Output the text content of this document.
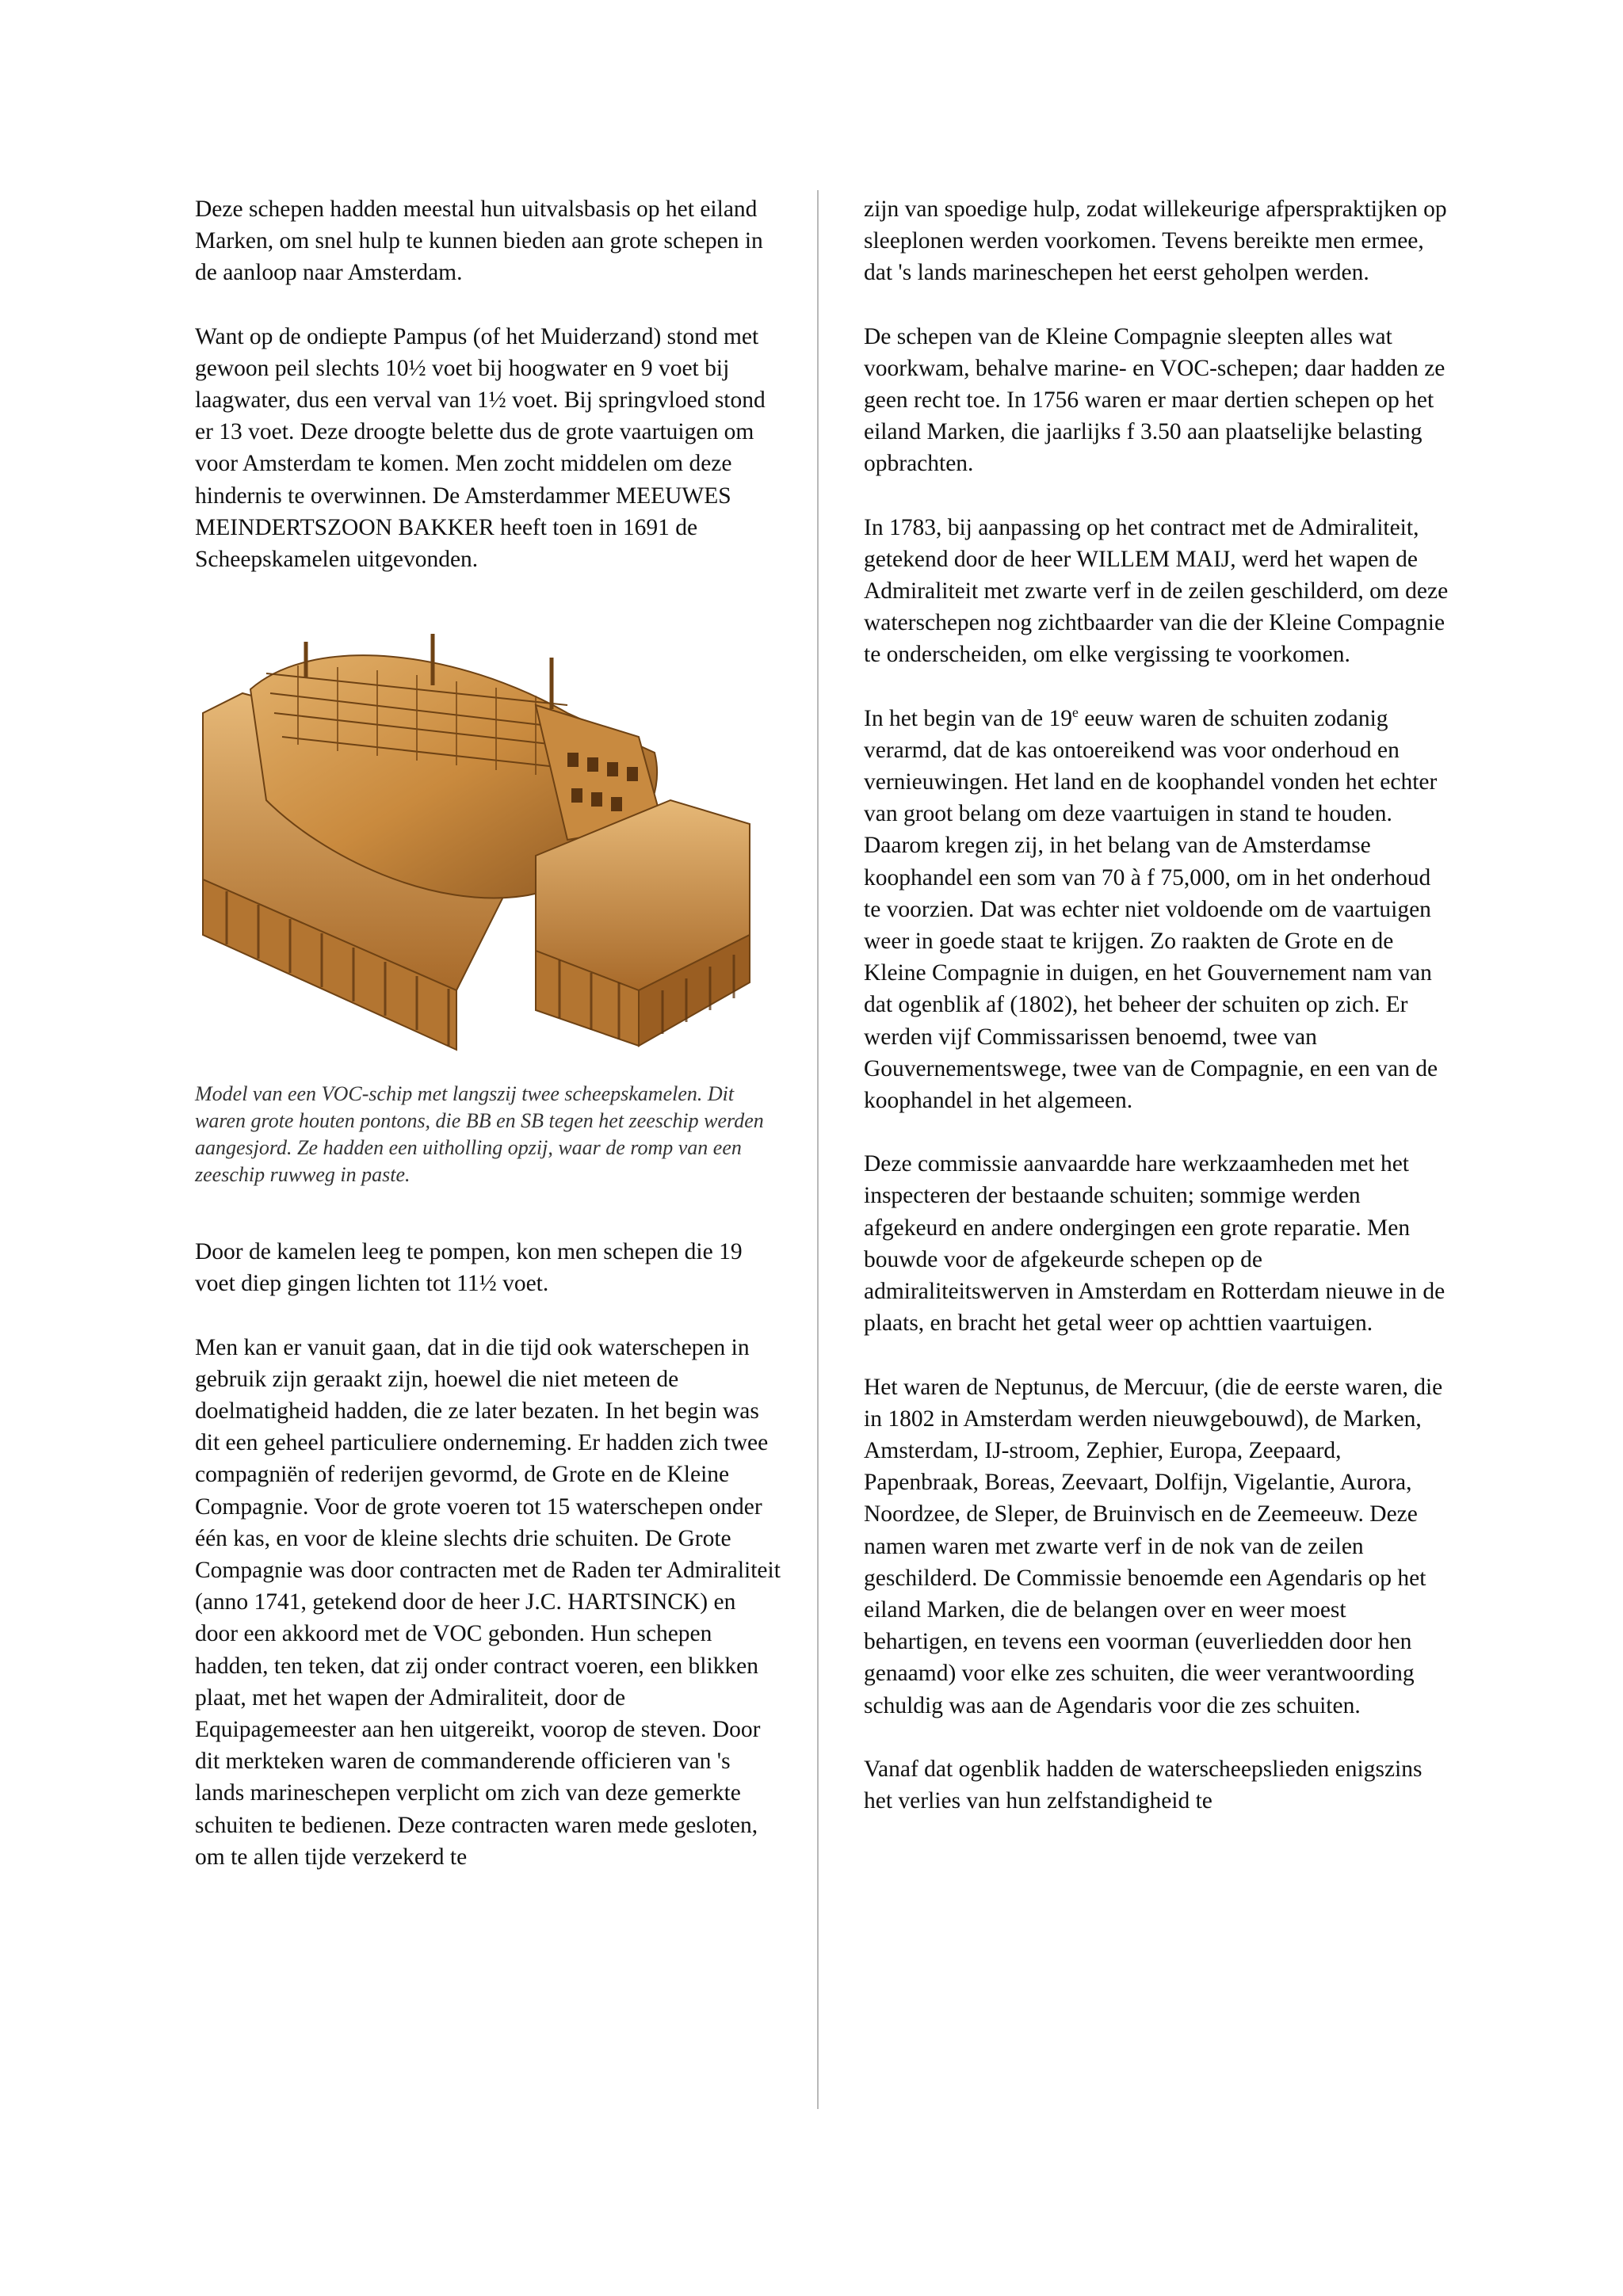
Deze schepen hadden meestal hun uitvalsbasis op het eiland Marken, om snel hulp te kunnen bieden aan grote schepen in de aanloop naar Amsterdam.

Want op de ondiepte Pampus (of het Muiderzand) stond met gewoon peil slechts 10½ voet bij hoogwater en 9 voet bij laagwater, dus een verval van 1½ voet. Bij springvloed stond er 13 voet. Deze droogte belette dus de grote vaartuigen om voor Amsterdam te komen. Men zocht middelen om deze hindernis te overwinnen. De Amsterdammer MEEUWES MEINDERTSZOON BAKKER heeft toen in 1691 de Scheepskamelen uitgevonden.

Model van een VOC-schip met langszij twee scheepskamelen. Dit waren grote houten pontons, die BB en SB tegen het zeeschip werden aangesjord. Ze hadden een uitholling opzij, waar de romp van een zeeschip ruwweg in paste.

Door de kamelen leeg te pompen, kon men schepen die 19 voet diep gingen lichten tot 11½ voet.

Men kan er vanuit gaan, dat in die tijd ook waterschepen in gebruik zijn geraakt zijn, hoewel die niet meteen de doelmatigheid hadden, die ze later bezaten. In het begin was dit een geheel particuliere onderneming. Er hadden zich twee compagniën of rederijen gevormd, de Grote en de Kleine Compagnie. Voor de grote voeren tot 15 waterschepen onder één kas, en voor de kleine slechts drie schuiten. De Grote Compagnie was door contracten met de Raden ter Admiraliteit (anno 1741, getekend door de heer J.C. HARTSINCK) en door een akkoord met de VOC gebonden. Hun schepen hadden, ten teken, dat zij onder contract voeren, een blikken plaat, met het wapen der Admiraliteit, door de Equipagemeester aan hen uitgereikt, voorop de steven. Door dit merkteken waren de commanderende officieren van 's lands marineschepen verplicht om zich van deze gemerkte schuiten te bedienen. Deze contracten waren mede gesloten, om te allen tijde verzekerd te

zijn van spoedige hulp, zodat willekeurige afperspraktijken op sleeplonen werden voorkomen. Tevens bereikte men ermee, dat 's lands marineschepen het eerst geholpen werden.

De schepen van de Kleine Compagnie sleepten alles wat voorkwam, behalve marine- en VOC-schepen; daar hadden ze geen recht toe. In 1756 waren er maar dertien schepen op het eiland Marken, die jaarlijks f 3.50 aan plaatselijke belasting opbrachten.

In 1783, bij aanpassing op het contract met de Admiraliteit, getekend door de heer WILLEM MAIJ, werd het wapen de Admiraliteit met zwarte verf in de zeilen geschilderd, om deze waterschepen nog zichtbaarder van die der Kleine Compagnie te onderscheiden, om elke vergissing te voorkomen.

In het begin van de 19e eeuw waren de schuiten zodanig verarmd, dat de kas ontoereikend was voor onderhoud en vernieuwingen. Het land en de koophandel vonden het echter van groot belang om deze vaartuigen in stand te houden. Daarom kregen zij, in het belang van de Amsterdamse koophandel een som van 70 à f 75,000, om in het onderhoud te voorzien. Dat was echter niet voldoende om de vaartuigen weer in goede staat te krijgen. Zo raakten de Grote en de Kleine Compagnie in duigen, en het Gouvernement nam van dat ogenblik af (1802), het beheer der schuiten op zich. Er werden vijf Commissarissen benoemd, twee van Gouvernementswege, twee van de Compagnie, en een van de koophandel in het algemeen.

Deze commissie aanvaardde hare werkzaamheden met het inspecteren der bestaande schuiten; sommige werden afgekeurd en andere ondergingen een grote reparatie. Men bouwde voor de afgekeurde schepen op de admiraliteitswerven in Amsterdam en Rotterdam nieuwe in de plaats, en bracht het getal weer op achttien vaartuigen.

Het waren de Neptunus, de Mercuur, (die de eerste waren, die in 1802 in Amsterdam werden nieuwgebouwd), de Marken, Amsterdam, IJ-stroom, Zephier, Europa, Zeepaard, Papenbraak, Boreas, Zeevaart, Dolfijn, Vigelantie, Aurora, Noordzee, de Sleper, de Bruinvisch en de Zeemeeuw. Deze namen waren met zwarte verf in de nok van de zeilen geschilderd. De Commissie benoemde een Agendaris op het eiland Marken, die de belangen over en weer moest behartigen, en tevens een voorman (euverliedden door hen genaamd) voor elke zes schuiten, die weer verantwoording schuldig was aan de Agendaris voor die zes schuiten.

Vanaf dat ogenblik hadden de waterscheepslieden enigszins het verlies van hun zelfstandigheid te
